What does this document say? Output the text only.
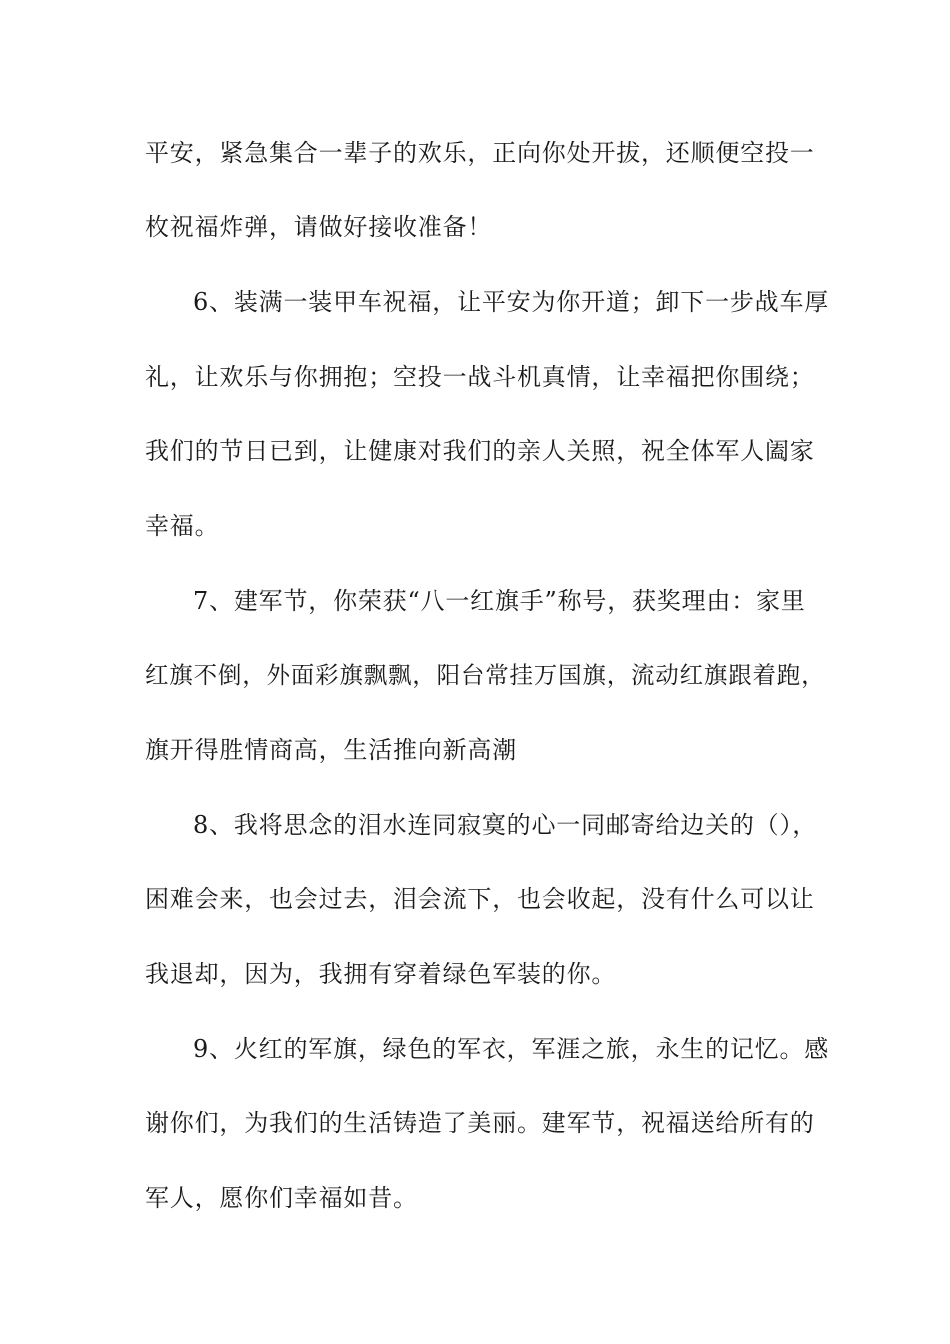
平安，紧急集合一辈子的欢乐，正向你处开拔，还顺便空投一
枚祝福炸弹，请做好接收准备！
6、装满一装甲车祝福，让平安为你开道；卸下一步战车厚
礼，让欢乐与你拥抱；空投一战斗机真情，让幸福把你围绕；
我们的节日已到，让健康对我们的亲人关照，祝全体军人阖家
幸福。
7、建军节，你荣获“八一红旗手”称号，获奖理由：家里
红旗不倒，外面彩旗飘飘，阳台常挂万国旗，流动红旗跟着跑，
旗开得胜情商高，生活推向新高潮
8、我将思念的泪水连同寂寞的心一同邮寄给边关的（），
困难会来，也会过去，泪会流下，也会收起，没有什么可以让
我退却，因为，我拥有穿着绿色军装的你。
9、火红的军旗，绿色的军衣，军涯之旅，永生的记忆。感
谢你们，为我们的生活铸造了美丽。建军节，祝福送给所有的
军人，愿你们幸福如昔。
